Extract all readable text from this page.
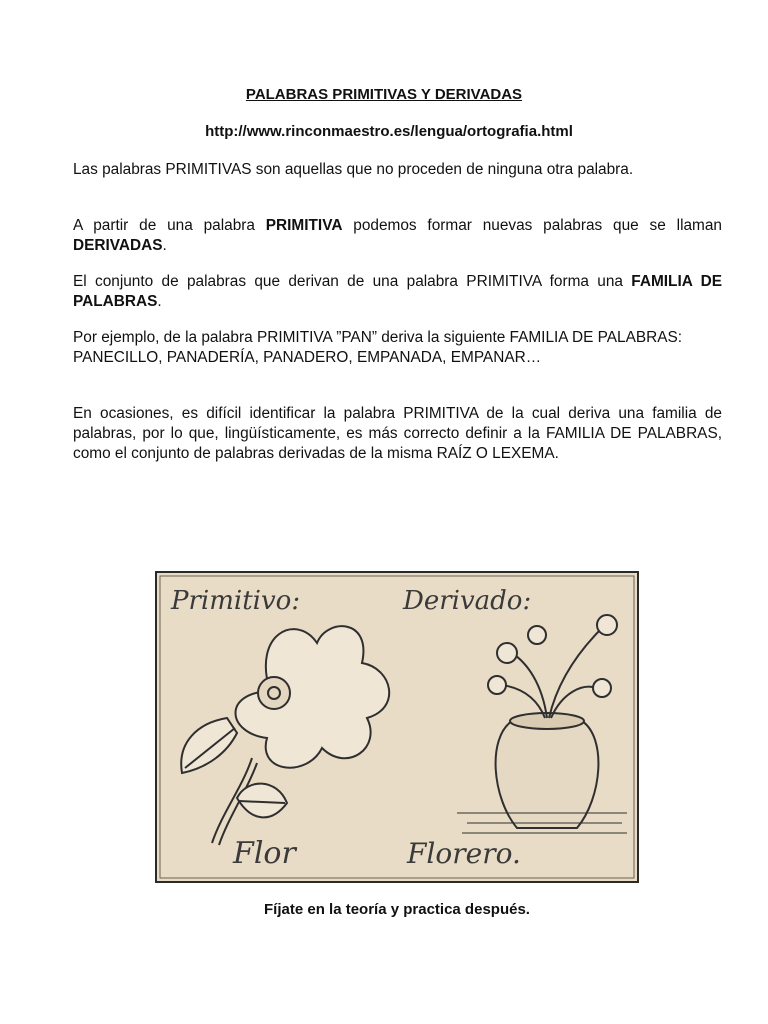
PALABRAS PRIMITIVAS Y DERIVADAS
http://www.rinconmaestro.es/lengua/ortografia.html

Las palabras PRIMITIVAS son aquellas que no proceden de ninguna otra palabra.

A partir de una palabra PRIMITIVA podemos formar nuevas palabras que se llaman DERIVADAS.

El conjunto de palabras que derivan de una palabra PRIMITIVA forma una FAMILIA DE PALABRAS.

Por ejemplo, de la palabra PRIMITIVA ”PAN” deriva la siguiente FAMILIA DE PALABRAS: PANECILLO, PANADERÍA, PANADERO, EMPANADA, EMPANAR…

En ocasiones, es difícil identificar la palabra PRIMITIVA de la cual deriva una familia de palabras, por lo que, lingüísticamente, es más correcto definir a la FAMILIA DE PALABRAS, como el conjunto de palabras derivadas de la misma RAÍZ O LEXEMA.

Primitivo:	Derivado:
Flor	Florero.
Fíjate en la teoría y practica después.
